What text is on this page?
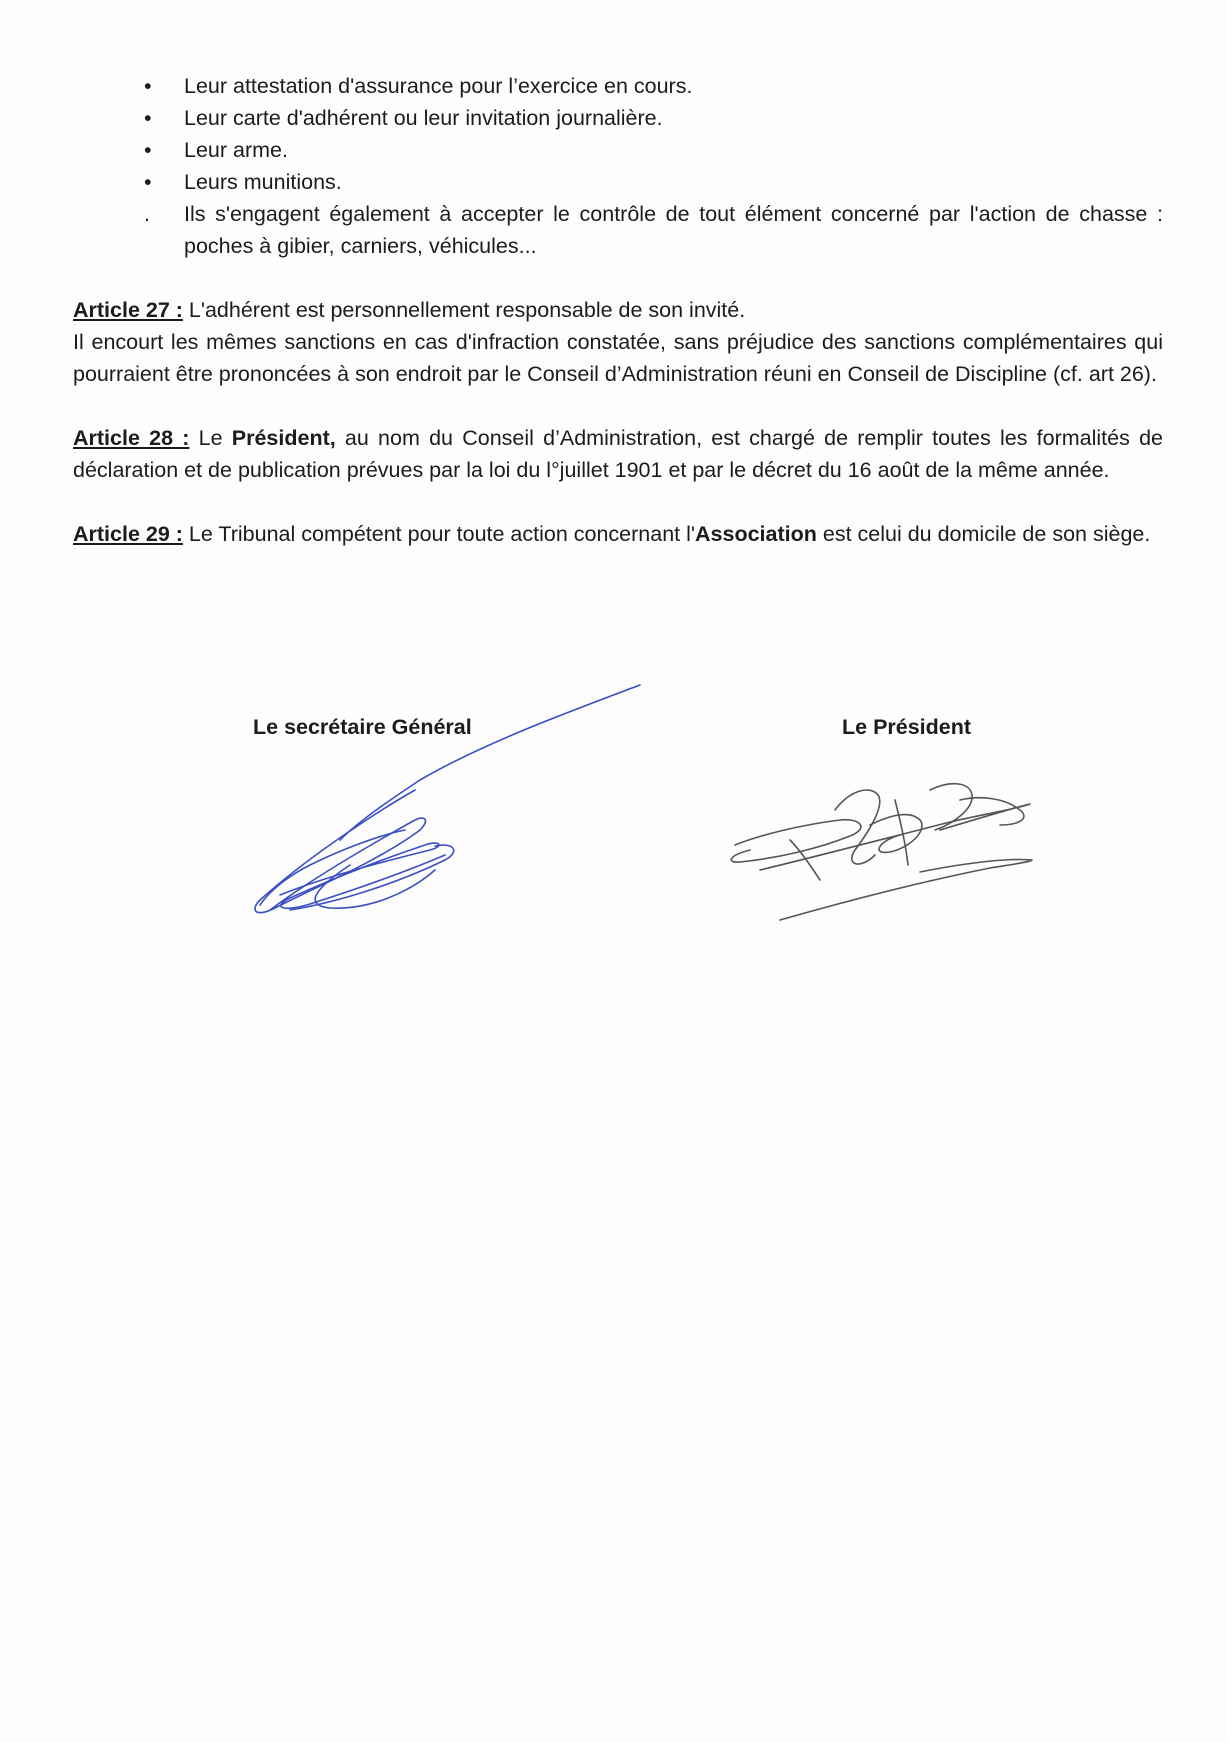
• Leur attestation d'assurance pour l’exercice en cours.
• Leur carte d'adhérent ou leur invitation journalière.
• Leur arme.
• Leurs munitions.
. Ils s'engagent également à accepter le contrôle de tout élément concerné par l'action de chasse : poches à gibier, carniers, véhicules...

Article 27 : L'adhérent est personnellement responsable de son invité.
Il encourt les mêmes sanctions en cas d'infraction constatée, sans préjudice des sanctions complémentaires qui pourraient être prononcées à son endroit par le Conseil d’Administration réuni en Conseil de Discipline (cf. art 26).

Article 28 : Le Président, au nom du Conseil d’Administration, est chargé de remplir toutes les formalités de déclaration et de publication prévues par la loi du l°juillet 1901 et par le décret du 16 août de la même année.

Article 29 : Le Tribunal compétent pour toute action concernant l'Association est celui du domicile de son siège.

Le secrétaire Général	Le Président
